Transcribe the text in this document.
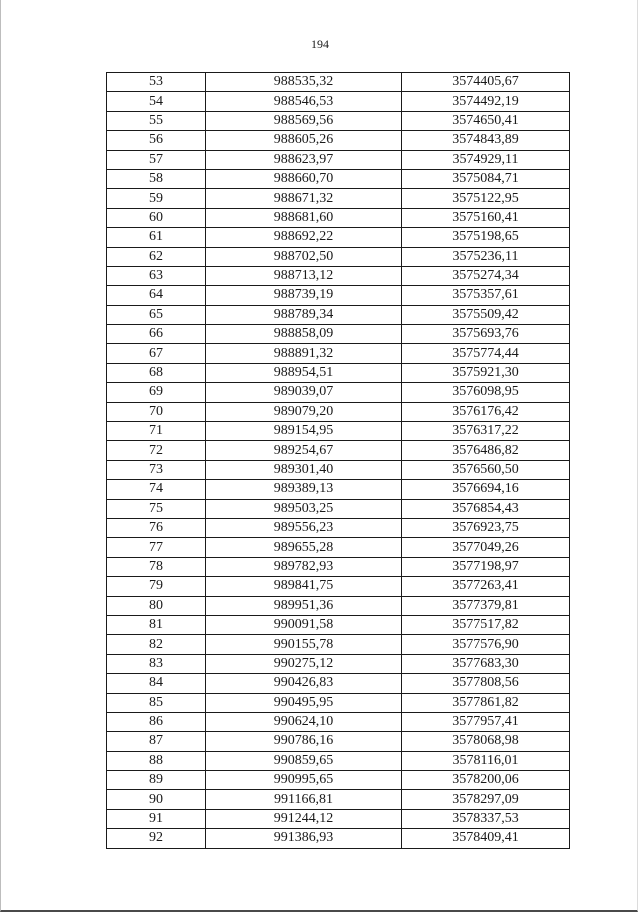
194
53	988535,32	3574405,67
54	988546,53	3574492,19
55	988569,56	3574650,41
56	988605,26	3574843,89
57	988623,97	3574929,11
58	988660,70	3575084,71
59	988671,32	3575122,95
60	988681,60	3575160,41
61	988692,22	3575198,65
62	988702,50	3575236,11
63	988713,12	3575274,34
64	988739,19	3575357,61
65	988789,34	3575509,42
66	988858,09	3575693,76
67	988891,32	3575774,44
68	988954,51	3575921,30
69	989039,07	3576098,95
70	989079,20	3576176,42
71	989154,95	3576317,22
72	989254,67	3576486,82
73	989301,40	3576560,50
74	989389,13	3576694,16
75	989503,25	3576854,43
76	989556,23	3576923,75
77	989655,28	3577049,26
78	989782,93	3577198,97
79	989841,75	3577263,41
80	989951,36	3577379,81
81	990091,58	3577517,82
82	990155,78	3577576,90
83	990275,12	3577683,30
84	990426,83	3577808,56
85	990495,95	3577861,82
86	990624,10	3577957,41
87	990786,16	3578068,98
88	990859,65	3578116,01
89	990995,65	3578200,06
90	991166,81	3578297,09
91	991244,12	3578337,53
92	991386,93	3578409,41
